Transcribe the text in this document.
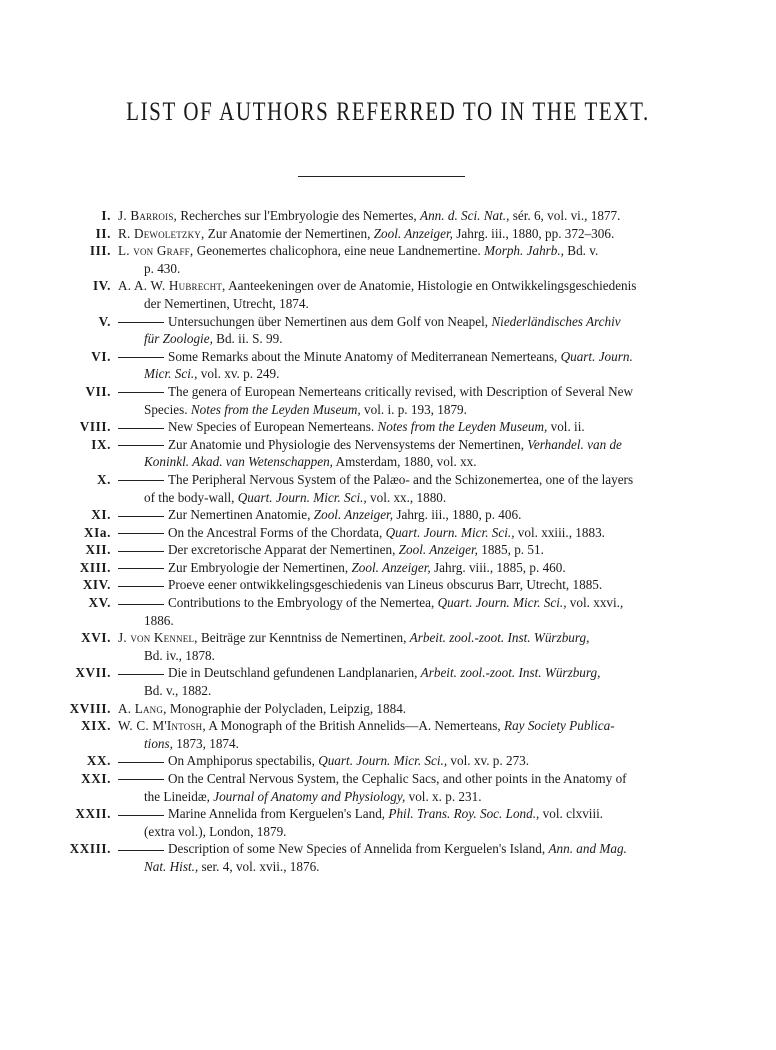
LIST OF AUTHORS REFERRED TO IN THE TEXT.
I. J. Barrois, Recherches sur l'Embryologie des Nemertes, Ann. d. Sci. Nat., sér. 6, vol. vi., 1877.
II. R. Dewoletzky, Zur Anatomie der Nemertinen, Zool. Anzeiger, Jahrg. iii., 1880, pp. 372–306.
III. L. von Graff, Geonemertes chalicophora, eine neue Landnemertine. Morph. Jahrb., Bd. v.
p. 430.
IV. A. A. W. Hubrecht, Aanteekeningen over de Anatomie, Histologie en Ontwikkelingsgeschiedenis
der Nemertinen, Utrecht, 1874.
V.	Untersuchungen über Nemertinen aus dem Golf von Neapel, Niederländisches Archiv
für Zoologie, Bd. ii. S. 99.
VI.	Some Remarks about the Minute Anatomy of Mediterranean Nemerteans, Quart. Journ.
Micr. Sci., vol. xv. p. 249.
VII.	The genera of European Nemerteans critically revised, with Description of Several New
Species. Notes from the Leyden Museum, vol. i. p. 193, 1879.
VIII.	New Species of European Nemerteans. Notes from the Leyden Museum, vol. ii.
IX.	Zur Anatomie und Physiologie des Nervensystems der Nemertinen, Verhandel. van de
Koninkl. Akad. van Wetenschappen, Amsterdam, 1880, vol. xx.
X.	The Peripheral Nervous System of the Palæo- and the Schizonemertea, one of the layers
of the body-wall, Quart. Journ. Micr. Sci., vol. xx., 1880.
XI.	Zur Nemertinen Anatomie, Zool. Anzeiger, Jahrg. iii., 1880, p. 406.
XIa.	On the Ancestral Forms of the Chordata, Quart. Journ. Micr. Sci., vol. xxiii., 1883.
XII.	Der excretorische Apparat der Nemertinen, Zool. Anzeiger, 1885, p. 51.
XIII.	Zur Embryologie der Nemertinen, Zool. Anzeiger, Jahrg. viii., 1885, p. 460.
XIV.	Proeve eener ontwikkelingsgeschiedenis van Lineus obscurus Barr, Utrecht, 1885.
XV.	Contributions to the Embryology of the Nemertea, Quart. Journ. Micr. Sci., vol. xxvi.,
1886.
XVI. J. von Kennel, Beiträge zur Kenntniss de Nemertinen, Arbeit. zool.-zoot. Inst. Würzburg,
Bd. iv., 1878.
XVII.	Die in Deutschland gefundenen Landplanarien, Arbeit. zool.-zoot. Inst. Würzburg,
Bd. v., 1882.
XVIII. A. Lang, Monographie der Polycladen, Leipzig, 1884.
XIX. W. C. M'Intosh, A Monograph of the British Annelids—A. Nemerteans, Ray Society Publica-
tions, 1873, 1874.
XX.	On Amphiporus spectabilis, Quart. Journ. Micr. Sci., vol. xv. p. 273.
XXI.	On the Central Nervous System, the Cephalic Sacs, and other points in the Anatomy of
the Lineidæ, Journal of Anatomy and Physiology, vol. x. p. 231.
XXII.	Marine Annelida from Kerguelen's Land, Phil. Trans. Roy. Soc. Lond., vol. clxviii.
(extra vol.), London, 1879.
XXIII.	Description of some New Species of Annelida from Kerguelen's Island, Ann. and Mag.
Nat. Hist., ser. 4, vol. xvii., 1876.
